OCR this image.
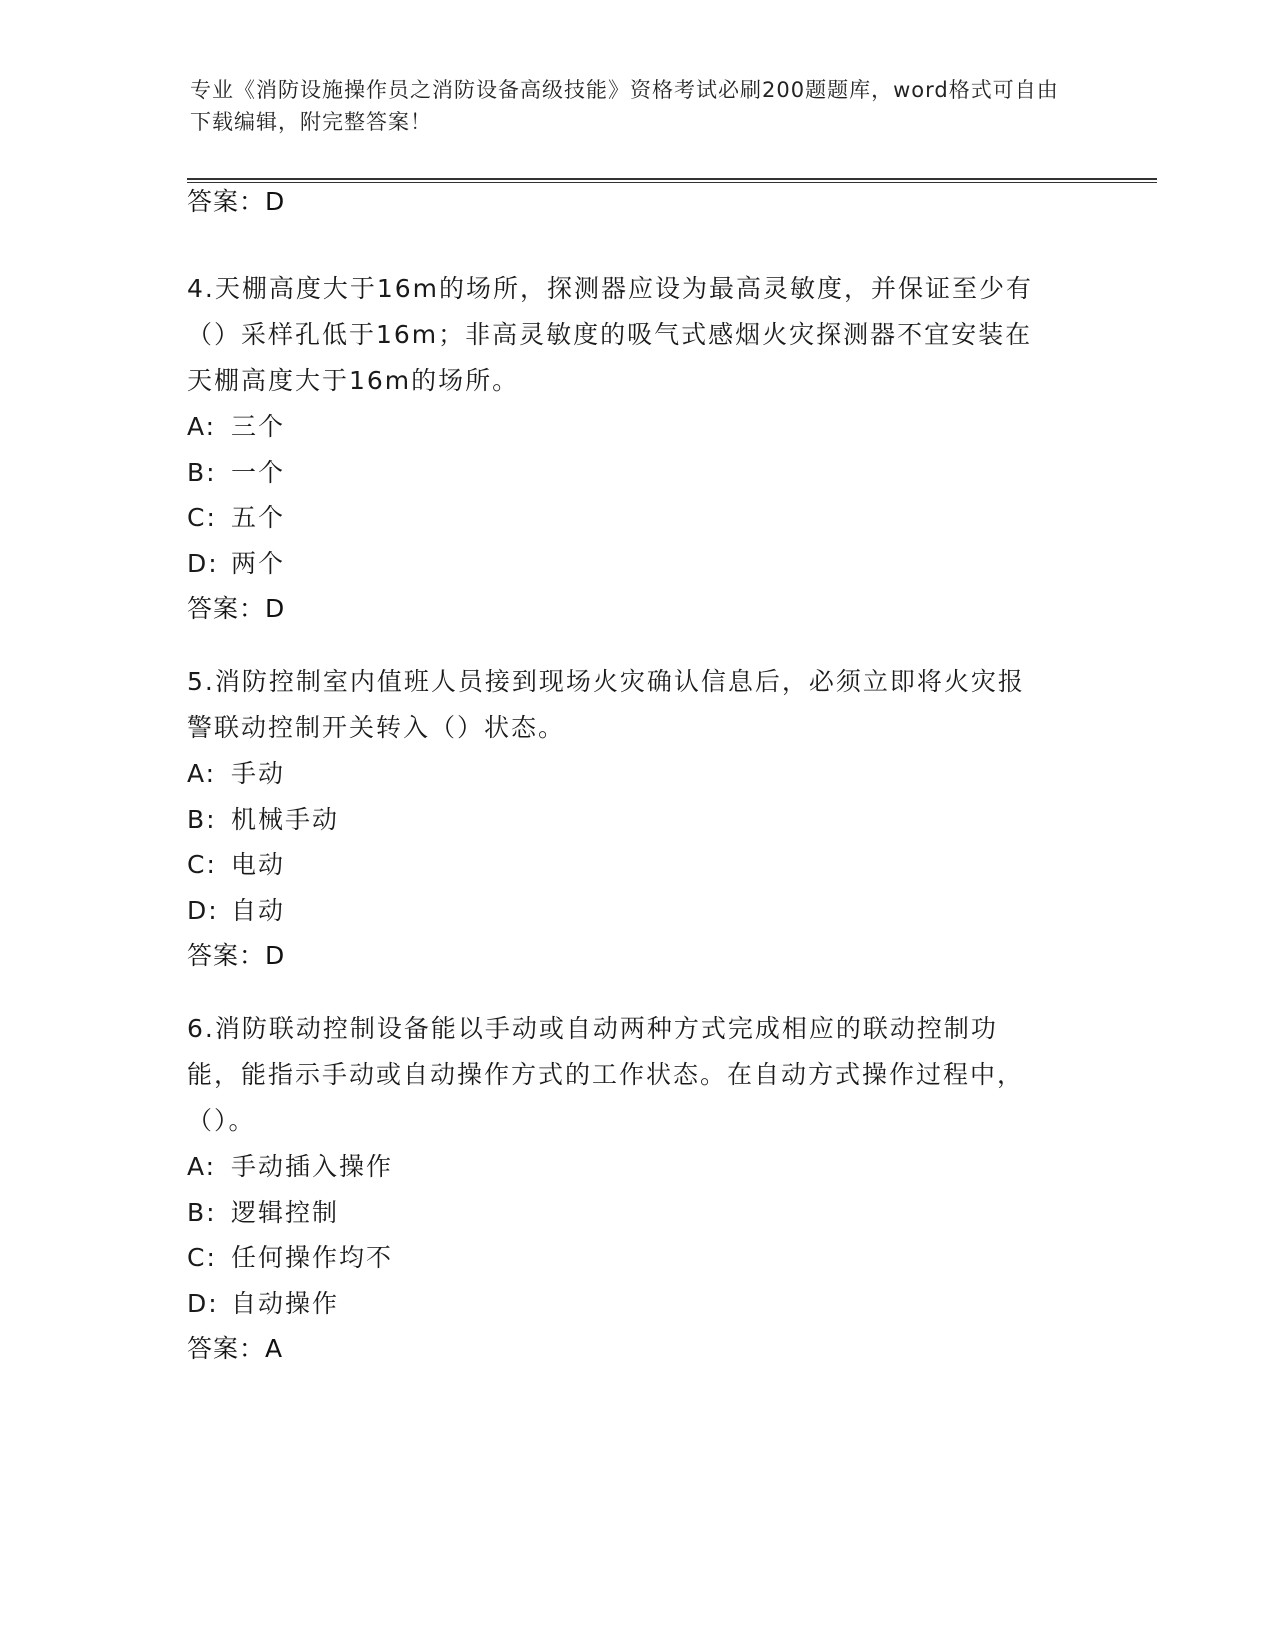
专业《消防设施操作员之消防设备高级技能》资格考试必刷200题题库，word格式可自由下载编辑，附完整答案！
答案：D

4.天棚高度大于16m的场所，探测器应设为最高灵敏度，并保证至少有（）采样孔低于16m；非高灵敏度的吸气式感烟火灾探测器不宜安装在天棚高度大于16m的场所。

A: 三个
B: 一个
C: 五个
D: 两个
答案：D

5.消防控制室内值班人员接到现场火灾确认信息后，必须立即将火灾报警联动控制开关转入（）状态。

A: 手动
B: 机械手动
C: 电动
D: 自动
答案：D

6.消防联动控制设备能以手动或自动两种方式完成相应的联动控制功能，能指示手动或自动操作方式的工作状态。在自动方式操作过程中，（）。

A: 手动插入操作
B: 逻辑控制
C: 任何操作均不
D: 自动操作
答案：A
